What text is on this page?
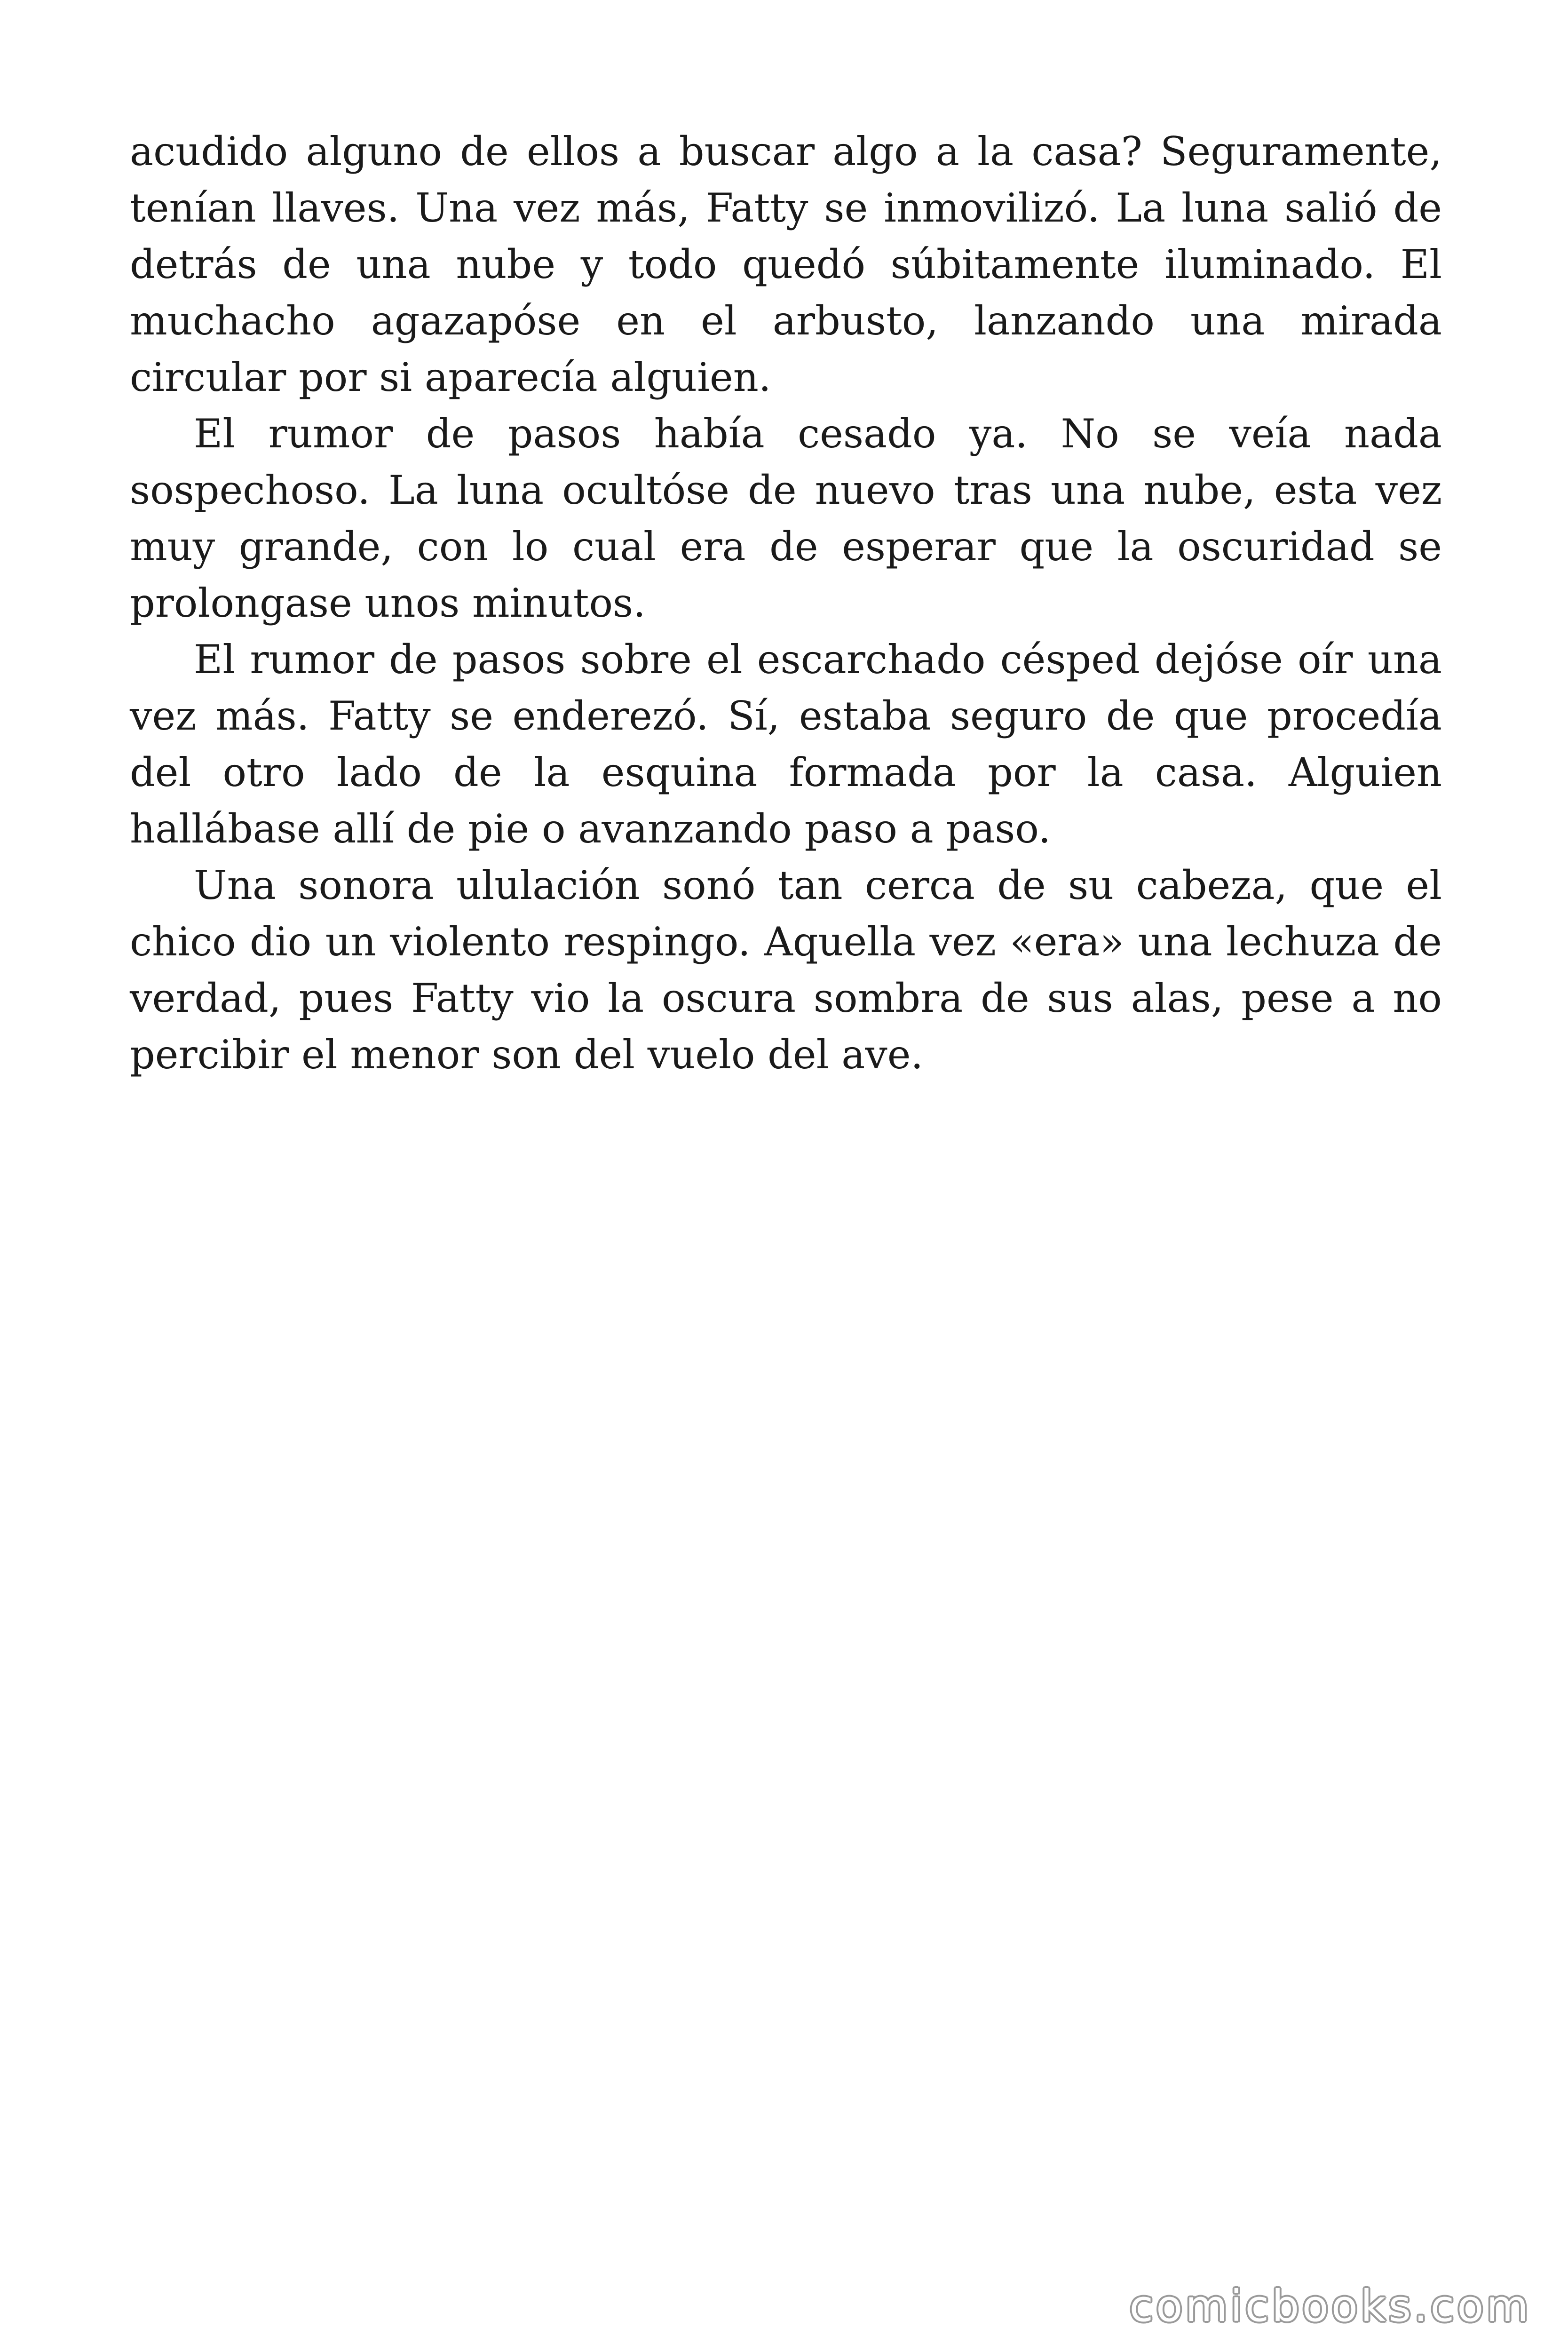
acudido alguno de ellos a buscar algo a la casa? Seguramente, tenían llaves. Una vez más, Fatty se inmovilizó. La luna salió de detrás de una nube y todo quedó súbitamente iluminado. El muchacho agazapóse en el arbusto, lanzando una mirada circular por si aparecía alguien.

El rumor de pasos había cesado ya. No se veía nada sospechoso. La luna ocultóse de nuevo tras una nube, esta vez muy grande, con lo cual era de esperar que la oscuridad se prolongase unos minutos.

El rumor de pasos sobre el escarchado césped dejóse oír una vez más. Fatty se enderezó. Sí, estaba seguro de que procedía del otro lado de la esquina formada por la casa. Alguien hallábase allí de pie o avanzando paso a paso.

Una sonora ululación sonó tan cerca de su cabeza, que el chico dio un violento respingo. Aquella vez «era» una lechuza de verdad, pues Fatty vio la oscura sombra de sus alas, pese a no percibir el menor son del vuelo del ave.

comicbooks.com
